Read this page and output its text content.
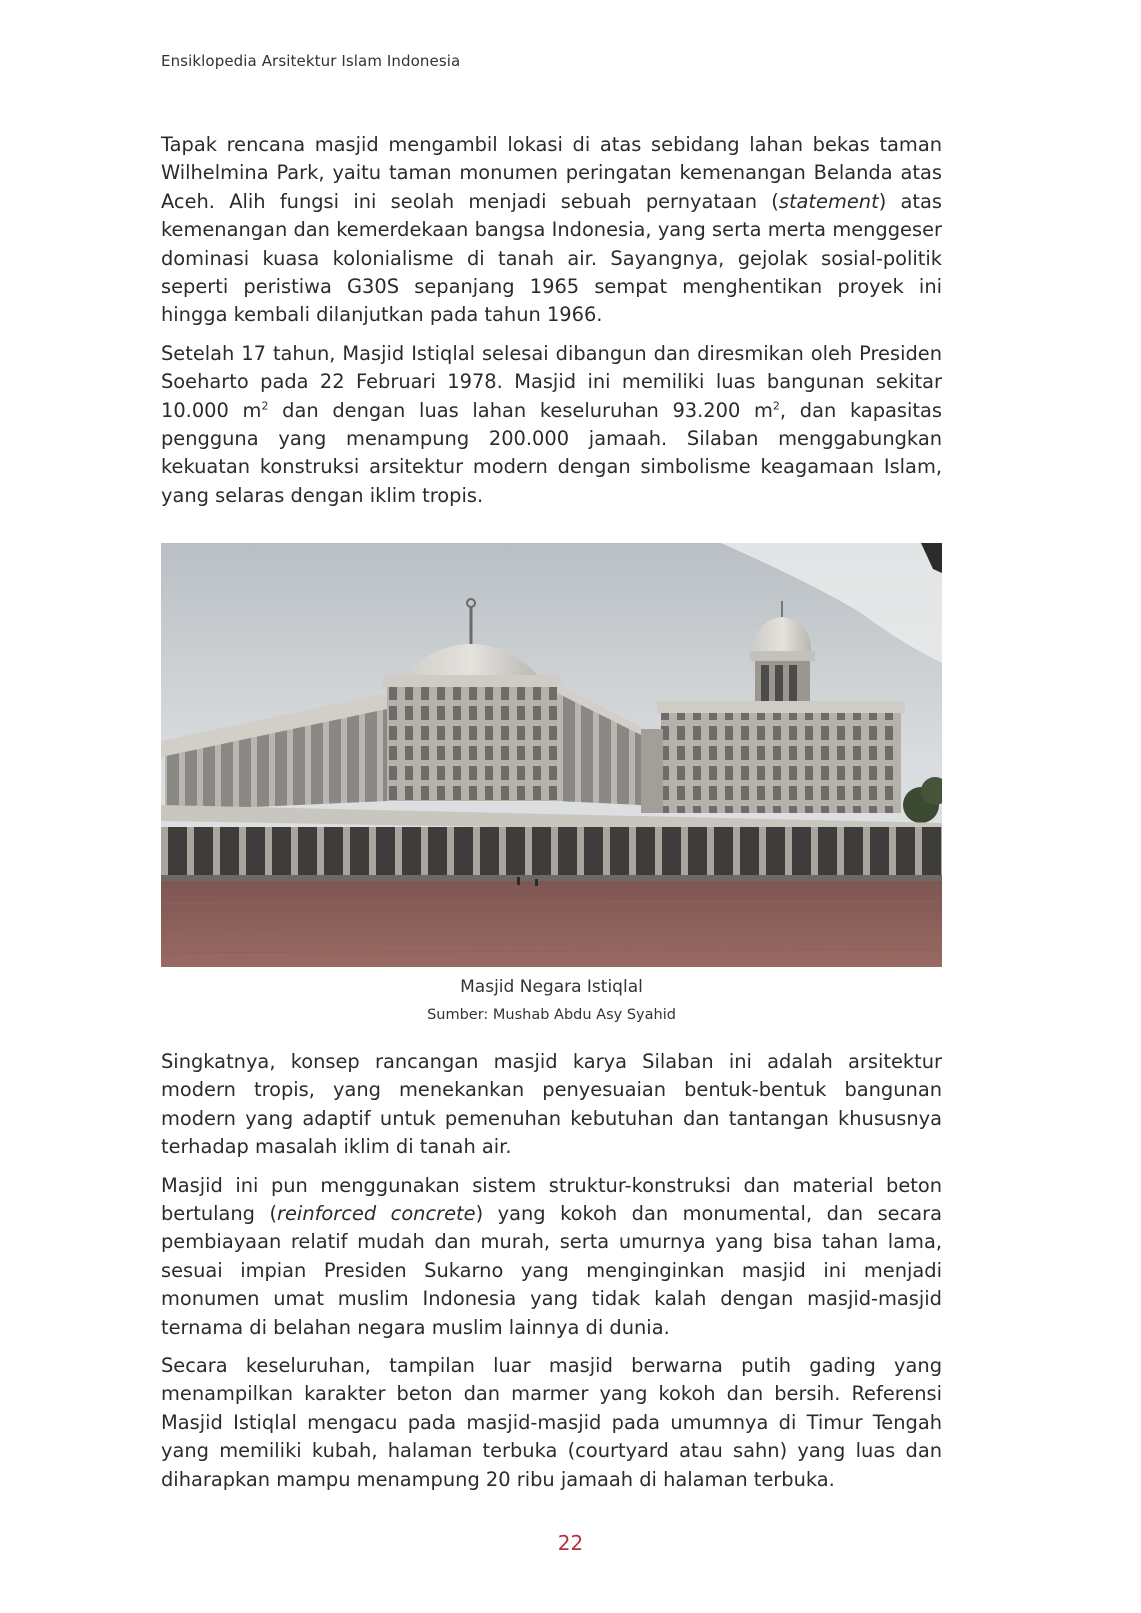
Ensiklopedia Arsitektur Islam Indonesia

Tapak rencana masjid mengambil lokasi di atas sebidang lahan bekas taman Wilhelmina Park, yaitu taman monumen peringatan kemenangan Belanda atas Aceh. Alih fungsi ini seolah menjadi sebuah pernyataan (statement) atas kemenangan dan kemerdekaan bangsa Indonesia, yang serta merta menggeser dominasi kuasa kolonialisme di tanah air. Sayangnya, gejolak sosial-politik seperti peristiwa G30S sepanjang 1965 sempat menghentikan proyek ini hingga kembali dilanjutkan pada tahun 1966.

Setelah 17 tahun, Masjid Istiqlal selesai dibangun dan diresmikan oleh Presiden Soeharto pada 22 Februari 1978. Masjid ini memiliki luas bangunan sekitar 10.000 $m^2$ dan dengan luas lahan keseluruhan 93.200 $m^2$, dan kapasitas pengguna yang menampung 200.000 jamaah. Silaban menggabungkan kekuatan konstruksi arsitektur modern dengan simbolisme keagamaan Islam, yang selaras dengan iklim tropis.

Masjid Negara Istiqlal
Sumber: Mushab Abdu Asy Syahid

Singkatnya, konsep rancangan masjid karya Silaban ini adalah arsitektur modern tropis, yang menekankan penyesuaian bentuk-bentuk bangunan modern yang adaptif untuk pemenuhan kebutuhan dan tantangan khususnya terhadap masalah iklim di tanah air.

Masjid ini pun menggunakan sistem struktur-konstruksi dan material beton bertulang (reinforced concrete) yang kokoh dan monumental, dan secara pembiayaan relatif mudah dan murah, serta umurnya yang bisa tahan lama, sesuai impian Presiden Sukarno yang menginginkan masjid ini menjadi monumen umat muslim Indonesia yang tidak kalah dengan masjid-masjid ternama di belahan negara muslim lainnya di dunia.

Secara keseluruhan, tampilan luar masjid berwarna putih gading yang menampilkan karakter beton dan marmer yang kokoh dan bersih. Referensi Masjid Istiqlal mengacu pada masjid-masjid pada umumnya di Timur Tengah yang memiliki kubah, halaman terbuka (courtyard atau sahn) yang luas dan diharapkan mampu menampung 20 ribu jamaah di halaman terbuka.

22
